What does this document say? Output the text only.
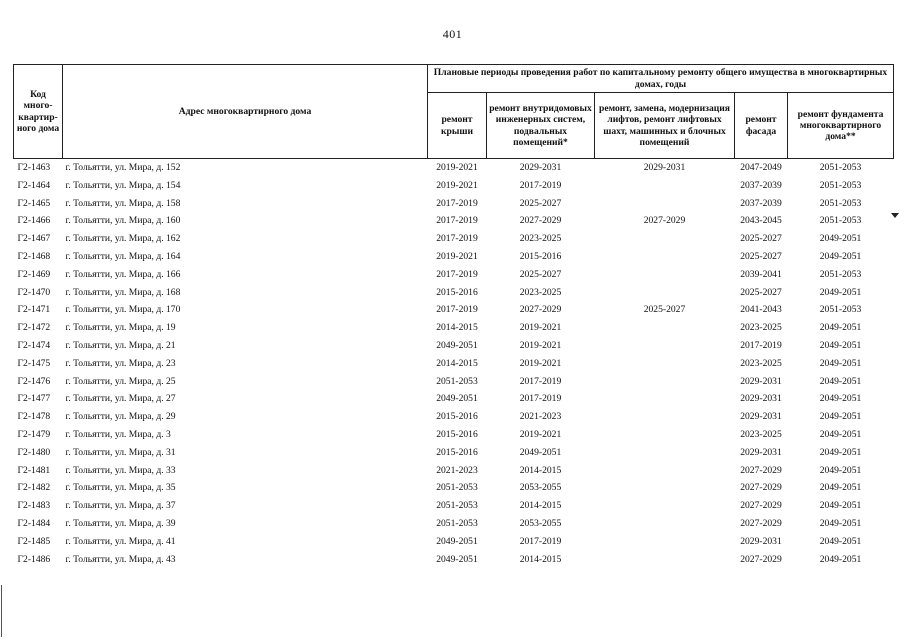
401
Код много-квартир-ного дома	Адрес многоквартирного дома	Плановые периоды проведения работ по капитальному ремонту общего имущества в многоквартирных домах, годы				
		ремонт крыши	ремонт внутридомовых инженерных систем, подвальных помещений*	ремонт, замена, модернизация лифтов, ремонт лифтовых шахт, машинных и блочных помещений	ремонт фасада	ремонт фундамента многоквартирного дома**
Г2-1463	г. Тольятти, ул. Мира, д. 152	2019-2021	2029-2031	2029-2031	2047-2049	2051-2053
Г2-1464	г. Тольятти, ул. Мира, д. 154	2019-2021	2017-2019		2037-2039	2051-2053
Г2-1465	г. Тольятти, ул. Мира, д. 158	2017-2019	2025-2027		2037-2039	2051-2053
Г2-1466	г. Тольятти, ул. Мира, д. 160	2017-2019	2027-2029	2027-2029	2043-2045	2051-2053
Г2-1467	г. Тольятти, ул. Мира, д. 162	2017-2019	2023-2025		2025-2027	2049-2051
Г2-1468	г. Тольятти, ул. Мира, д. 164	2019-2021	2015-2016		2025-2027	2049-2051
Г2-1469	г. Тольятти, ул. Мира, д. 166	2017-2019	2025-2027		2039-2041	2051-2053
Г2-1470	г. Тольятти, ул. Мира, д. 168	2015-2016	2023-2025		2025-2027	2049-2051
Г2-1471	г. Тольятти, ул. Мира, д. 170	2017-2019	2027-2029	2025-2027	2041-2043	2051-2053
Г2-1472	г. Тольятти, ул. Мира, д. 19	2014-2015	2019-2021		2023-2025	2049-2051
Г2-1474	г. Тольятти, ул. Мира, д. 21	2049-2051	2019-2021		2017-2019	2049-2051
Г2-1475	г. Тольятти, ул. Мира, д. 23	2014-2015	2019-2021		2023-2025	2049-2051
Г2-1476	г. Тольятти, ул. Мира, д. 25	2051-2053	2017-2019		2029-2031	2049-2051
Г2-1477	г. Тольятти, ул. Мира, д. 27	2049-2051	2017-2019		2029-2031	2049-2051
Г2-1478	г. Тольятти, ул. Мира, д. 29	2015-2016	2021-2023		2029-2031	2049-2051
Г2-1479	г. Тольятти, ул. Мира, д. 3	2015-2016	2019-2021		2023-2025	2049-2051
Г2-1480	г. Тольятти, ул. Мира, д. 31	2015-2016	2049-2051		2029-2031	2049-2051
Г2-1481	г. Тольятти, ул. Мира, д. 33	2021-2023	2014-2015		2027-2029	2049-2051
Г2-1482	г. Тольятти, ул. Мира, д. 35	2051-2053	2053-2055		2027-2029	2049-2051
Г2-1483	г. Тольятти, ул. Мира, д. 37	2051-2053	2014-2015		2027-2029	2049-2051
Г2-1484	г. Тольятти, ул. Мира, д. 39	2051-2053	2053-2055		2027-2029	2049-2051
Г2-1485	г. Тольятти, ул. Мира, д. 41	2049-2051	2017-2019		2029-2031	2049-2051
Г2-1486	г. Тольятти, ул. Мира, д. 43	2049-2051	2014-2015		2027-2029	2049-2051
